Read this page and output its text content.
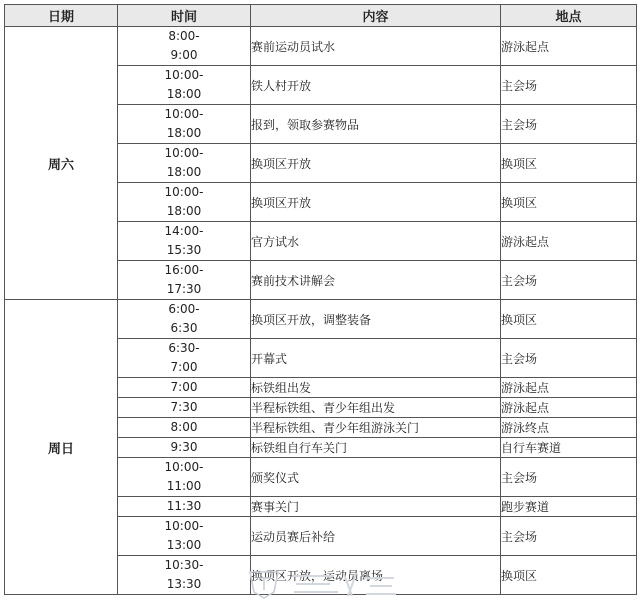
日期	时间	内容	地点
周六	8:00-
9:00	赛前运动员试水	游泳起点

	10:00-
18:00	铁人村开放	主会场

	10:00-
18:00	报到，领取参赛物品	主会场

	10:00-
18:00	换项区开放	换项区

	10:00-
18:00	换项区开放	换项区

	14:00-
15:30	官方试水	游泳起点

	16:00-
17:30	赛前技术讲解会	主会场
周日	6:00-
6:30	换项区开放，调整装备	换项区

	6:30-
7:00	开幕式	主会场

	7:00	标铁组出发	游泳起点

	7:30	半程标铁组、青少年组出发	游泳起点

	8:00	半程标铁组、青少年组游泳关门	游泳终点

	9:30	标铁组自行车关门	自行车赛道

	10:00-
11:00	颁奖仪式	主会场

	11:30	赛事关门	跑步赛道

	10:00-
13:00	运动员赛后补给	主会场

	10:30-
13:30	换项区开放，运动员离场	换项区
